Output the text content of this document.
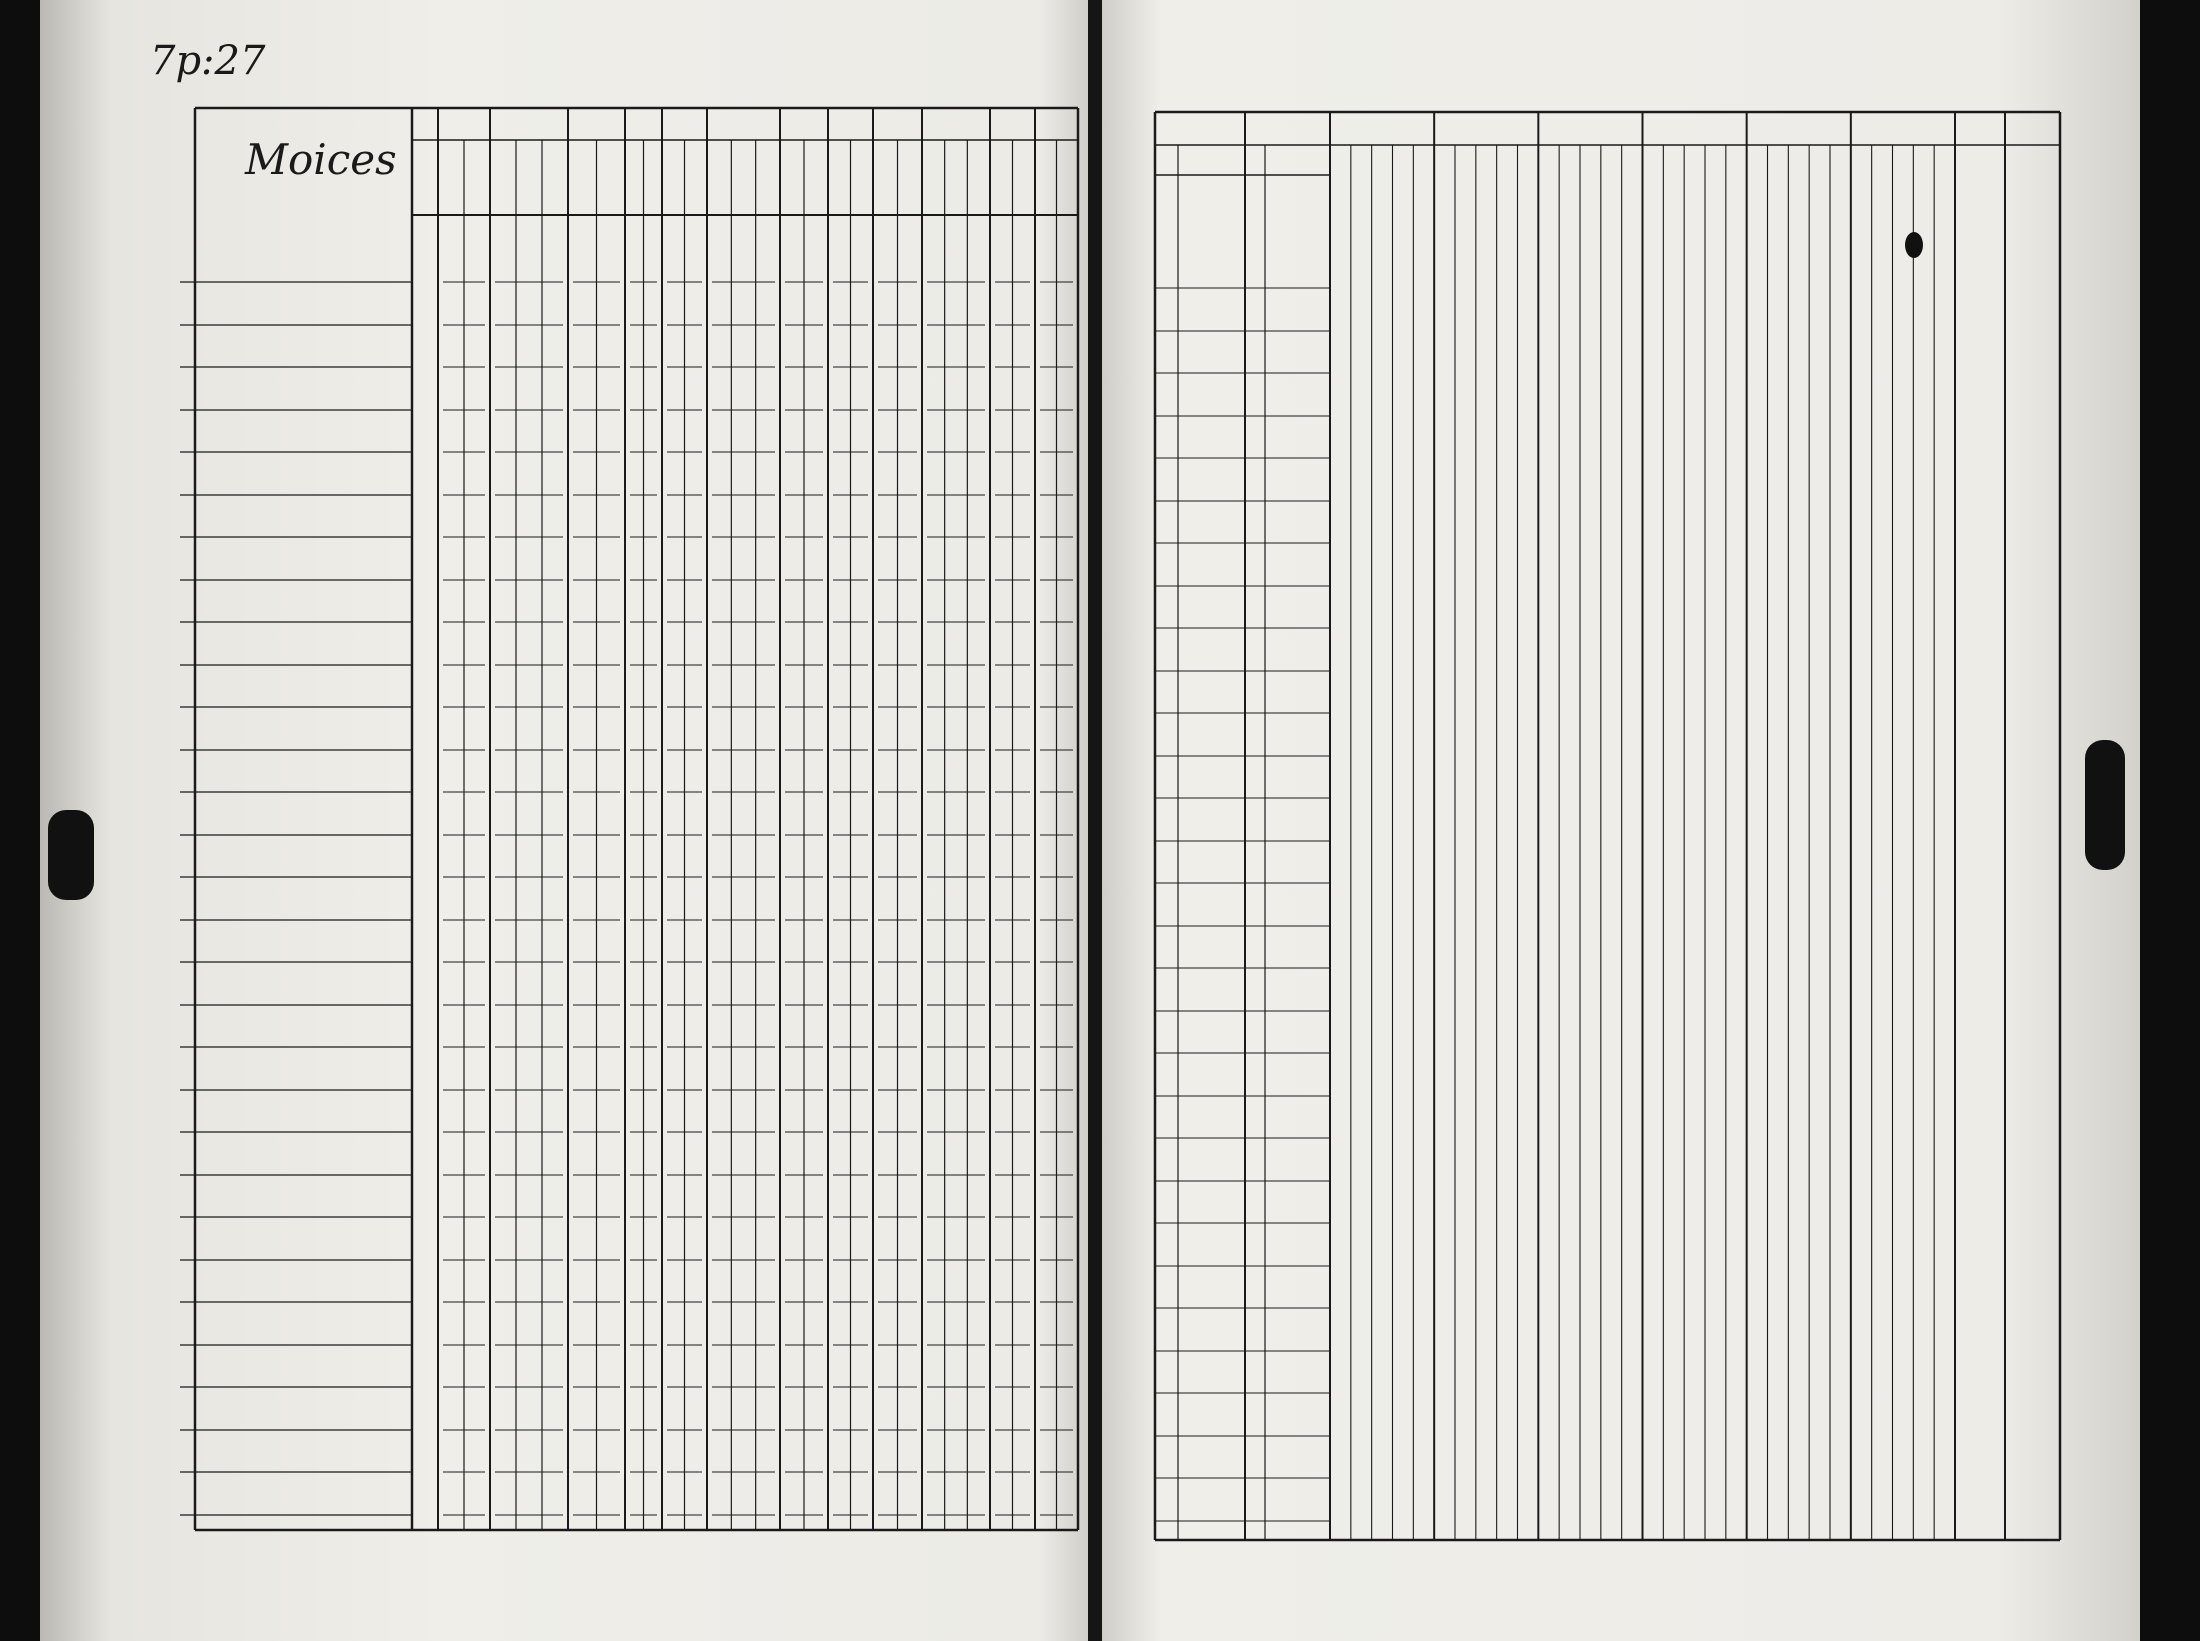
7p:27
Moices
